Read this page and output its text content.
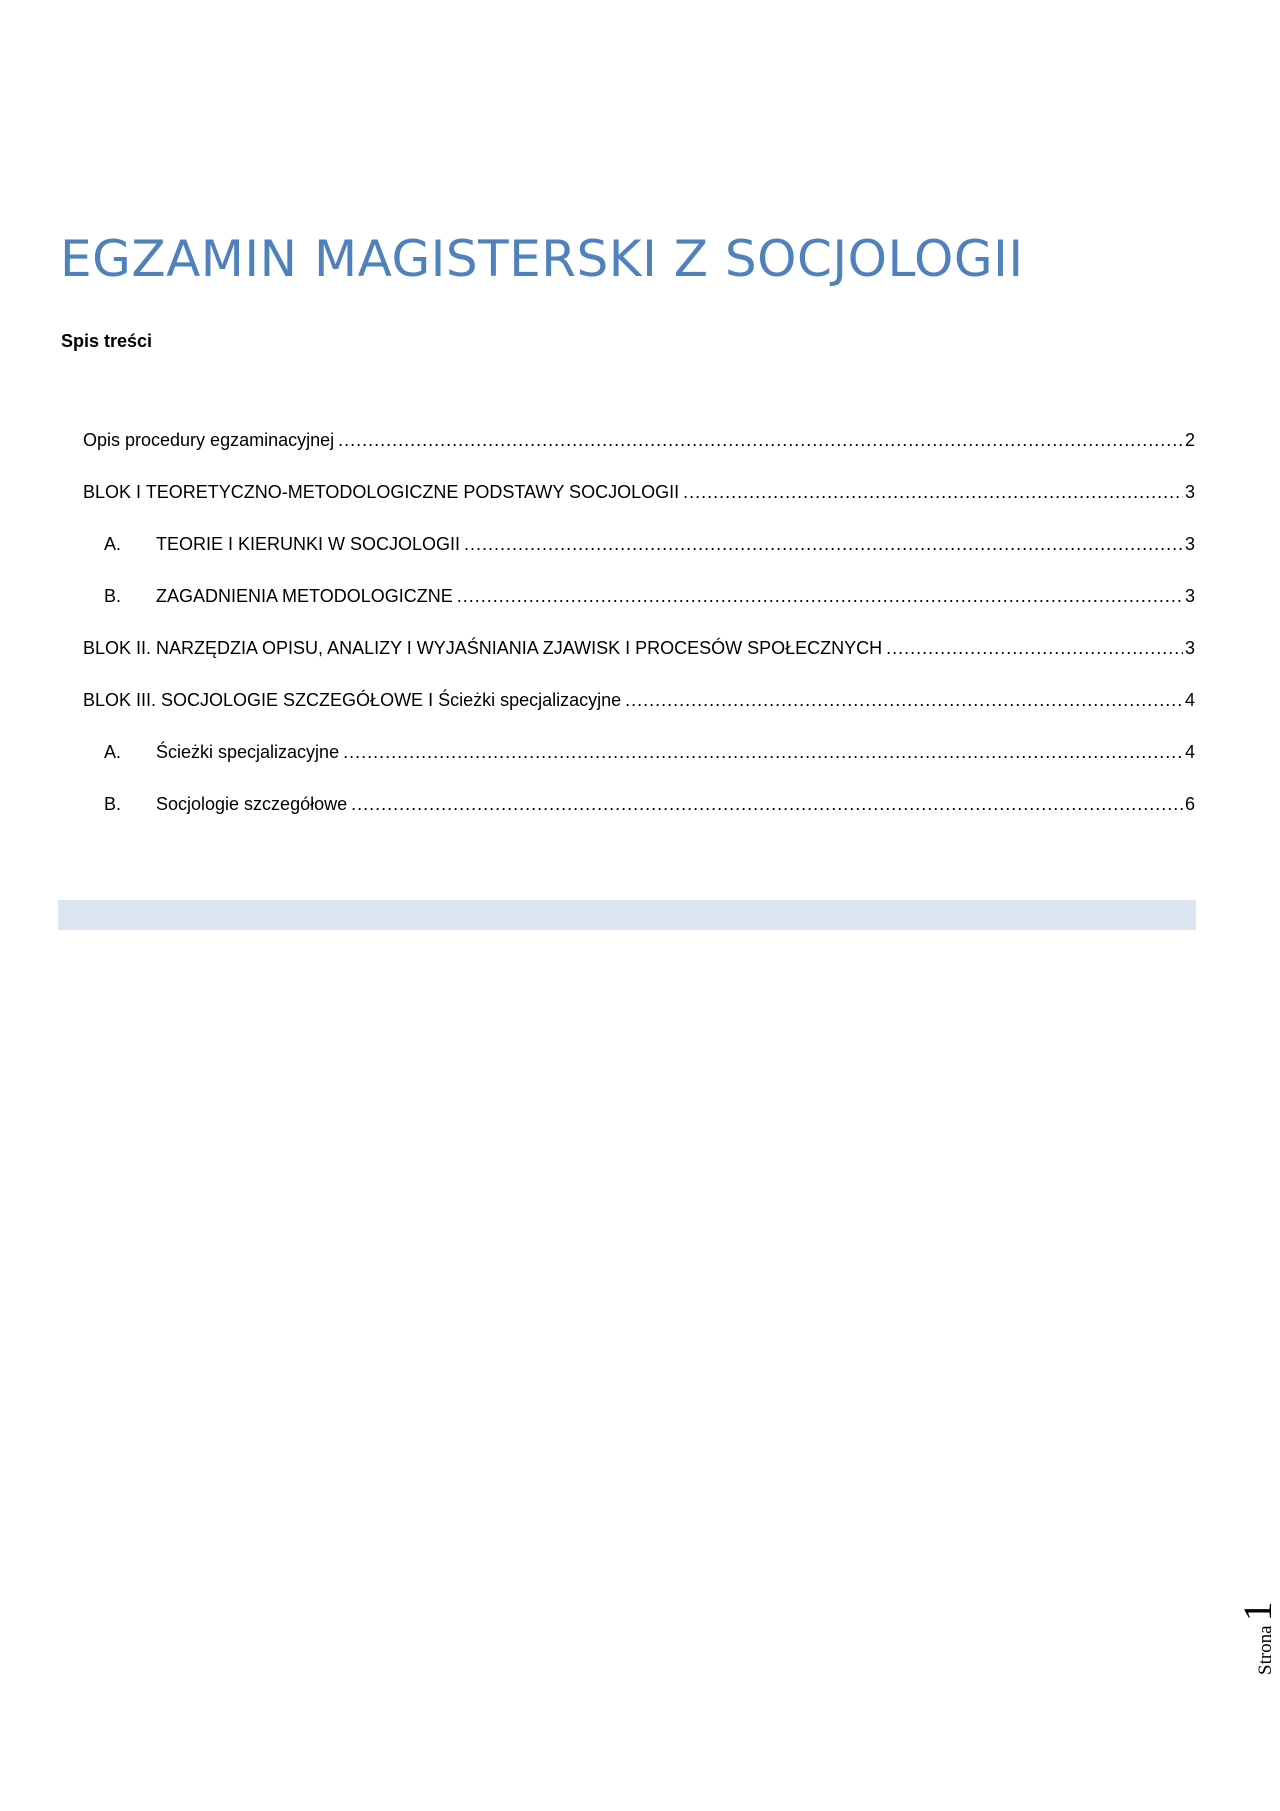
EGZAMIN MAGISTERSKI Z SOCJOLOGII
Spis treści
Opis procedury egzaminacyjnej .....	2
BLOK I TEORETYCZNO-METODOLOGICZNE PODSTAWY SOCJOLOGII .....	3
A.	TEORIE I KIERUNKI W SOCJOLOGII .....	3
B.	ZAGADNIENIA METODOLOGICZNE .....	3
BLOK II. NARZĘDZIA OPISU, ANALIZY I WYJAŚNIANIA ZJAWISK I PROCESÓW SPOŁECZNYCH .....	3
BLOK III. SOCJOLOGIE SZCZEGÓŁOWE I Ścieżki specjalizacyjne .....	4
A.	Ścieżki specjalizacyjne .....	4
B.	Socjologie szczegółowe .....	6
Strona
1
